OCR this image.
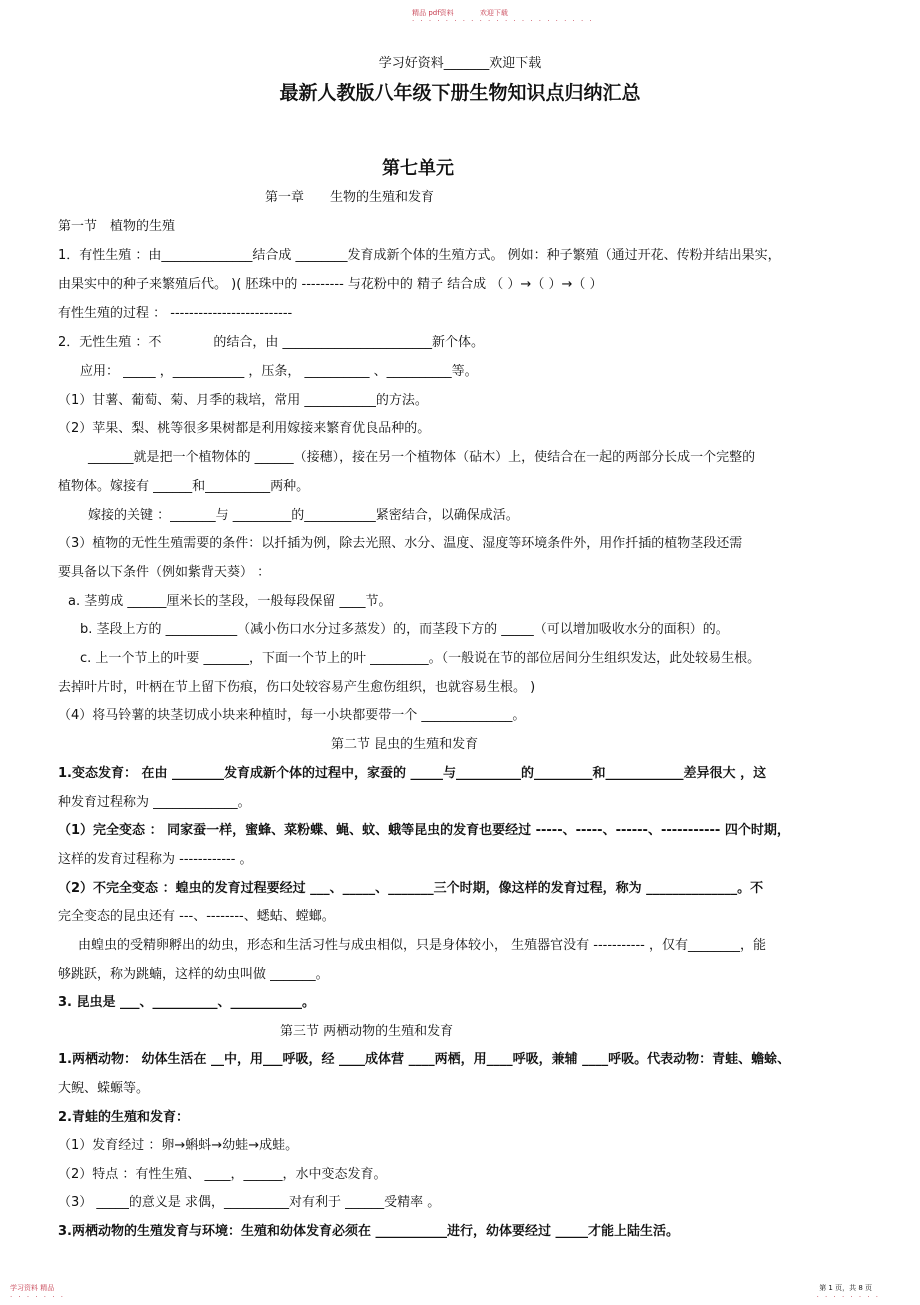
精品 pdf资料	欢迎下载
· · · · · · · · · · · · · · · · · · · · · ·
学习好资料_______欢迎下载
最新人教版八年级下册生物知识点归纳汇总
第七单元
第一章　　生物的生殖和发育
第一节　植物的生殖
1．有性生殖 ：由______________结合成 ________发育成新个体的生殖方式。 例如：种子繁殖（通过开花、传粉并结出果实，
由果实中的种子来繁殖后代。 )( 胚珠中的 --------- 与花粉中的 精子 结合成 （ ）→（ ）→（ ）
有性生殖的过程 ： --------------------------
2．无性生殖 ：不　　　　的结合，由 _______________________新个体。
应用： _____ ，___________ ，压条， __________ 、__________等。
（1）甘薯、葡萄、菊、月季的栽培，常用 ___________的方法。
（2）苹果、梨、桃等很多果树都是利用嫁接来繁育优良品种的。
_______就是把一个植物体的 ______（接穗），接在另一个植物体（砧木）上，使结合在一起的两部分长成一个完整的
植物体。嫁接有 ______和__________两种。
嫁接的关键 ：_______与 _________的___________紧密结合，以确保成活。
（3）植物的无性生殖需要的条件：以扦插为例，除去光照、水分、温度、湿度等环境条件外，用作扦插的植物茎段还需
要具备以下条件（例如紫背天葵） ：
a. 茎剪成 ______厘米长的茎段，一般每段保留 ____节。
b. 茎段上方的 ___________（减小伤口水分过多蒸发）的，而茎段下方的 _____（可以增加吸收水分的面积）的。
c. 上一个节上的叶要 _______，下面一个节上的叶 _________。（一般说在节的部位居间分生组织发达，此处较易生根。
去掉叶片时，叶柄在节上留下伤痕，伤口处较容易产生愈伤组织，也就容易生根。 )
（4）将马铃薯的块茎切成小块来种植时，每一小块都要带一个 ______________。
第二节 昆虫的生殖和发育
1.变态发育： 在由 ________发育成新个体的过程中，家蚕的 _____与__________的_________和____________差异很大 ，这
种发育过程称为 _____________。
（1）完全变态 ： 同家蚕一样，蜜蜂、菜粉蝶、蝇、蚊、蛾等昆虫的发育也要经过 -----、-----、------、----------- 四个时期，
这样的发育过程称为 ------------ 。
（2）不完全变态 ：蝗虫的发育过程要经过 ___、_____、_______三个时期，像这样的发育过程，称为 ______________。不
完全变态的昆虫还有 ---、--------、蟋蛄、螳螂。
由蝗虫的受精卵孵出的幼虫，形态和生活习性与成虫相似，只是身体较小， 生殖器官没有 ----------- ，仅有________，能
够跳跃，称为跳蝻，这样的幼虫叫做 _______。
3. 昆虫是 ___、__________、___________。
第三节 两栖动物的生殖和发育
1.两栖动物： 幼体生活在 __中，用___呼吸，经 ____成体营 ____两栖，用____呼吸，兼辅 ____呼吸。代表动物：青蛙、蟾蜍、
大鲵、蝾螈等。
2.青蛙的生殖和发育：
（1）发育经过 ：卵→蝌蚪→幼蛙→成蛙。
（2）特点 ：有性生殖、 ____，______，水中变态发育。
（3） _____的意义是 求偶，__________对有利于 ______受精率 。
3.两栖动物的生殖发育与环境：生殖和幼体发育必须在 ___________进行，幼体要经过 _____才能上陆生活。
学习资料 精品	第 1 页，共 8 页
· · · · · · ·	· · · · · · · ·
